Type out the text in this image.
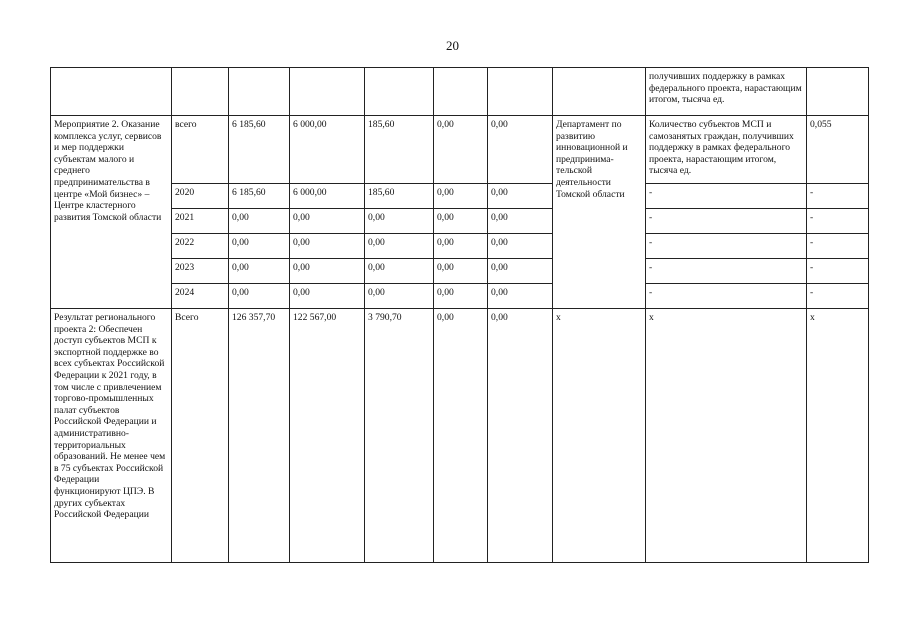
20
								получивших поддержку в рамках федерального проекта, нарастающим итогом, тысяча ед.	
Мероприятие 2. Оказание комплекса услуг, сервисов и мер поддержки субъектам малого и среднего предпринимательства в центре «Мой бизнес» – Центре кластерного развития Томской области	всего	6 185,60	6 000,00	185,60	0,00	0,00	Департамент по развитию инновационной и предпринима-тельской деятельности Томской области	Количество субъектов МСП и самозанятых граждан, получивших поддержку в рамках федерального проекта, нарастающим итогом, тысяча ед.	0,055
	2020	6 185,60	6 000,00	185,60	0,00	0,00		-	-
	2021	0,00	0,00	0,00	0,00	0,00		-	-
	2022	0,00	0,00	0,00	0,00	0,00		-	-
	2023	0,00	0,00	0,00	0,00	0,00		-	-
	2024	0,00	0,00	0,00	0,00	0,00		-	-
Результат регионального проекта 2: Обеспечен доступ субъектов МСП к экспортной поддержке во всех субъектах Российской Федерации к 2021 году, в том числе с привлечением торгово-промышленных палат субъектов Российской Федерации и административно-территориальных образований. Не менее чем в 75 субъектах Российской Федерации функционируют ЦПЭ. В других субъектах Российской Федерации	Всего	126 357,70	122 567,00	3 790,70	0,00	0,00	x	x	x
